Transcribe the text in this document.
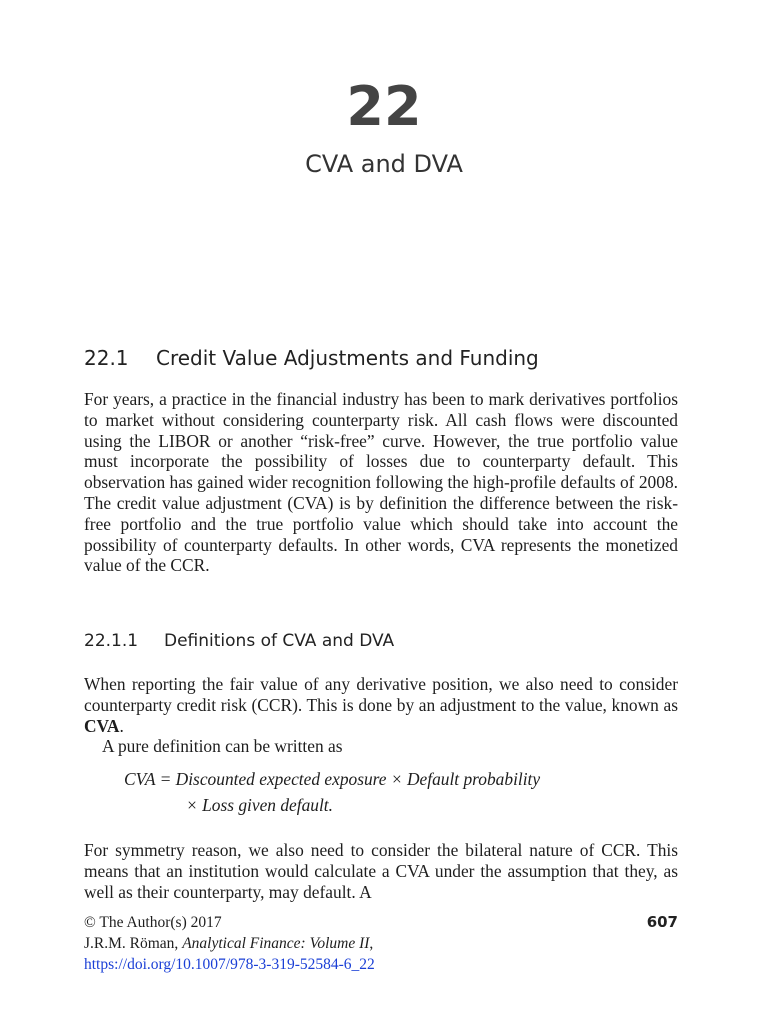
22
CVA and DVA
22.1 Credit Value Adjustments and Funding
For years, a practice in the financial industry has been to mark derivatives portfolios to market without considering counterparty risk. All cash flows were discounted using the LIBOR or another “risk-free” curve. However, the true portfolio value must incorporate the possibility of losses due to counterparty default. This observation has gained wider recognition following the high-profile defaults of 2008. The credit value adjustment (CVA) is by definition the difference between the risk-free portfolio and the true portfolio value which should take into account the possibility of counterparty defaults. In other words, CVA represents the monetized value of the CCR.
22.1.1 Definitions of CVA and DVA
When reporting the fair value of any derivative position, we also need to consider counterparty credit risk (CCR). This is done by an adjustment to the value, known as CVA.
A pure definition can be written as
CVA = Discounted expected exposure × Default probability
× Loss given default.
For symmetry reason, we also need to consider the bilateral nature of CCR. This means that an institution would calculate a CVA under the assumption that they, as well as their counterparty, may default. A
© The Author(s) 2017	607
J.R.M. Röman, Analytical Finance: Volume II,
https://doi.org/10.1007/978-3-319-52584-6_22
